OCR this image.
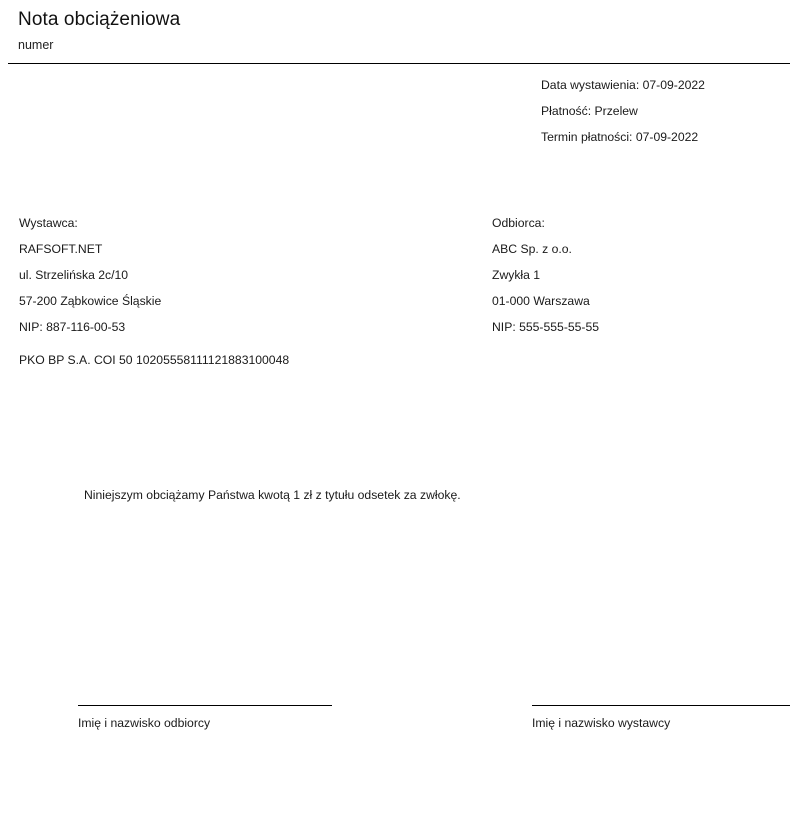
Nota obciążeniowa
numer
Data wystawienia: 07-09-2022
Płatność: Przelew
Termin płatności: 07-09-2022
Wystawca:
RAFSOFT.NET
ul. Strzelińska 2c/10
57-200 Ząbkowice Śląskie
NIP: 887-116-00-53
Odbiorca:
ABC Sp. z o.o.
Zwykła 1
01-000 Warszawa
NIP: 555-555-55-55
PKO BP S.A. COI 50 10205558111121883100048
Niniejszym obciążamy Państwa kwotą 1 zł z tytułu odsetek za zwłokę.
Imię i nazwisko odbiorcy	Imię i nazwisko wystawcy
